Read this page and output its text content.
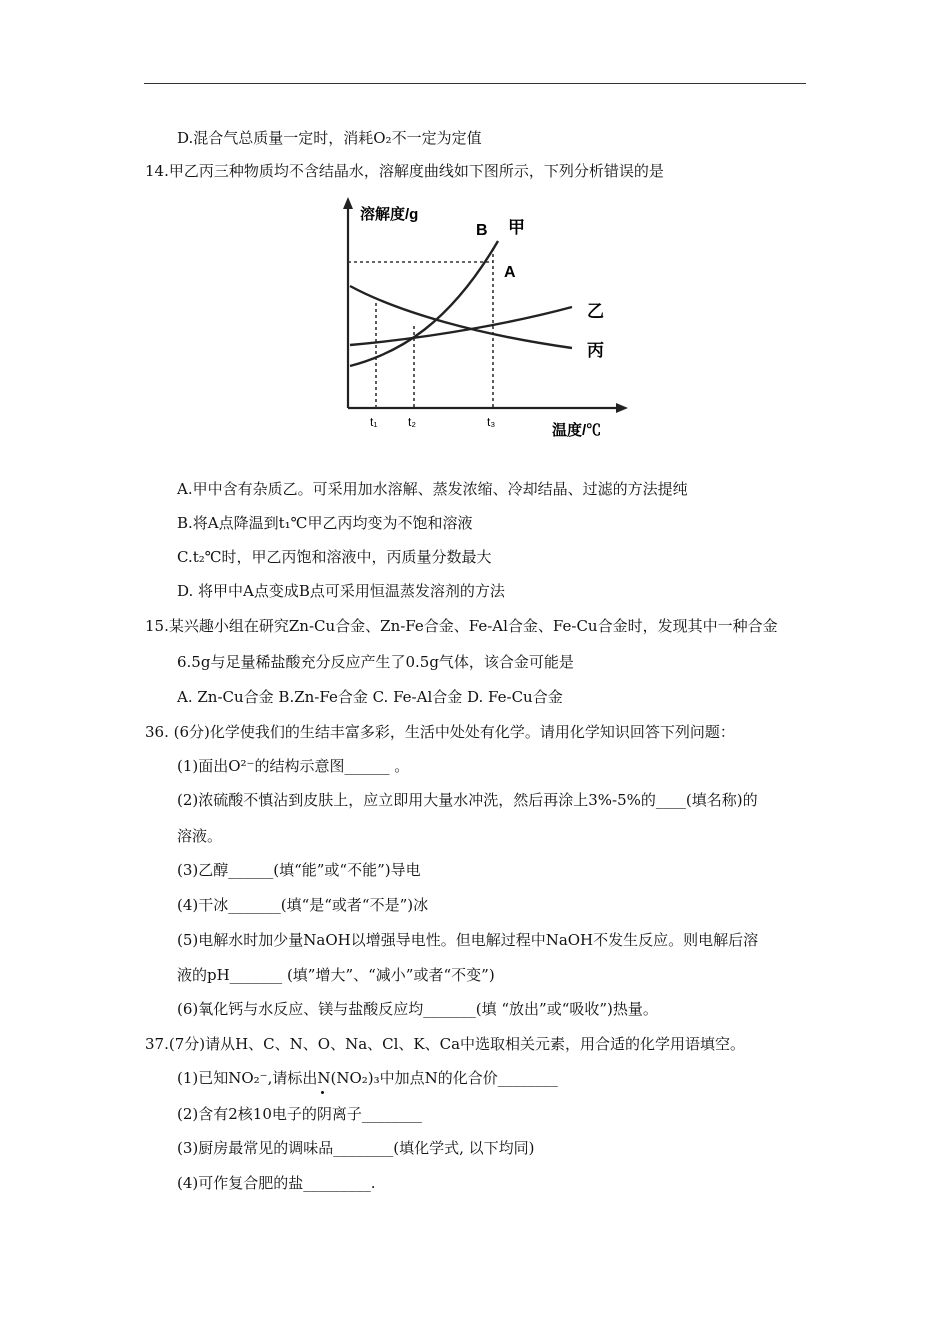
D.混合气总质量一定时，消耗O₂不一定为定值
14.甲乙丙三种物质均不含结晶水，溶解度曲线如下图所示，下列分析错误的是
溶解度/g
温度/℃
B
A
甲
乙
丙
t₁	t₂	t₃
A.甲中含有杂质乙。可采用加水溶解、蒸发浓缩、冷却结晶、过滤的方法提纯
B.将A点降温到t₁℃甲乙丙均变为不饱和溶液
C.t₂℃时，甲乙丙饱和溶液中，丙质量分数最大
D. 将甲中A点变成B点可采用恒温蒸发溶剂的方法
15.某兴趣小组在研究Zn-Cu合金、Zn-Fe合金、Fe-Al合金、Fe-Cu合金时，发现其中一种合金
6.5g与足量稀盐酸充分反应产生了0.5g气体，该合金可能是
A. Zn-Cu合金 B.Zn-Fe合金 C. Fe-Al合金 D. Fe-Cu合金
36. (6分)化学使我们的生结丰富多彩，生活中处处有化学。请用化学知识回答下列问题：
(1)面出O²⁻的结构示意图______ 。
(2)浓硫酸不慎沾到皮肤上，应立即用大量水冲洗，然后再涂上3%-5%的____(填名称)的
溶液。
(3)乙醇______(填“能”或“不能”)导电
(4)干冰_______(填“是“或者“不是”)冰
(5)电解水时加少量NaOH以增强导电性。但电解过程中NaOH不发生反应。则电解后溶
液的pH_______ (填”增大”、“减小”或者“不变”)
(6)氧化钙与水反应、镁与盐酸反应均_______(填 “放出”或“吸收”)热量。
37.(7分)请从H、C、N、O、Na、Cl、K、Ca中选取相关元素，用合适的化学用语填空。
(1)已知NO₂⁻,请标出N(NO₂)₃中加点N的化合价________
(2)含有2核10电子的阴离子________
(3)厨房最常见的调味品________(填化学式, 以下均同)
(4)可作复合肥的盐_________.
